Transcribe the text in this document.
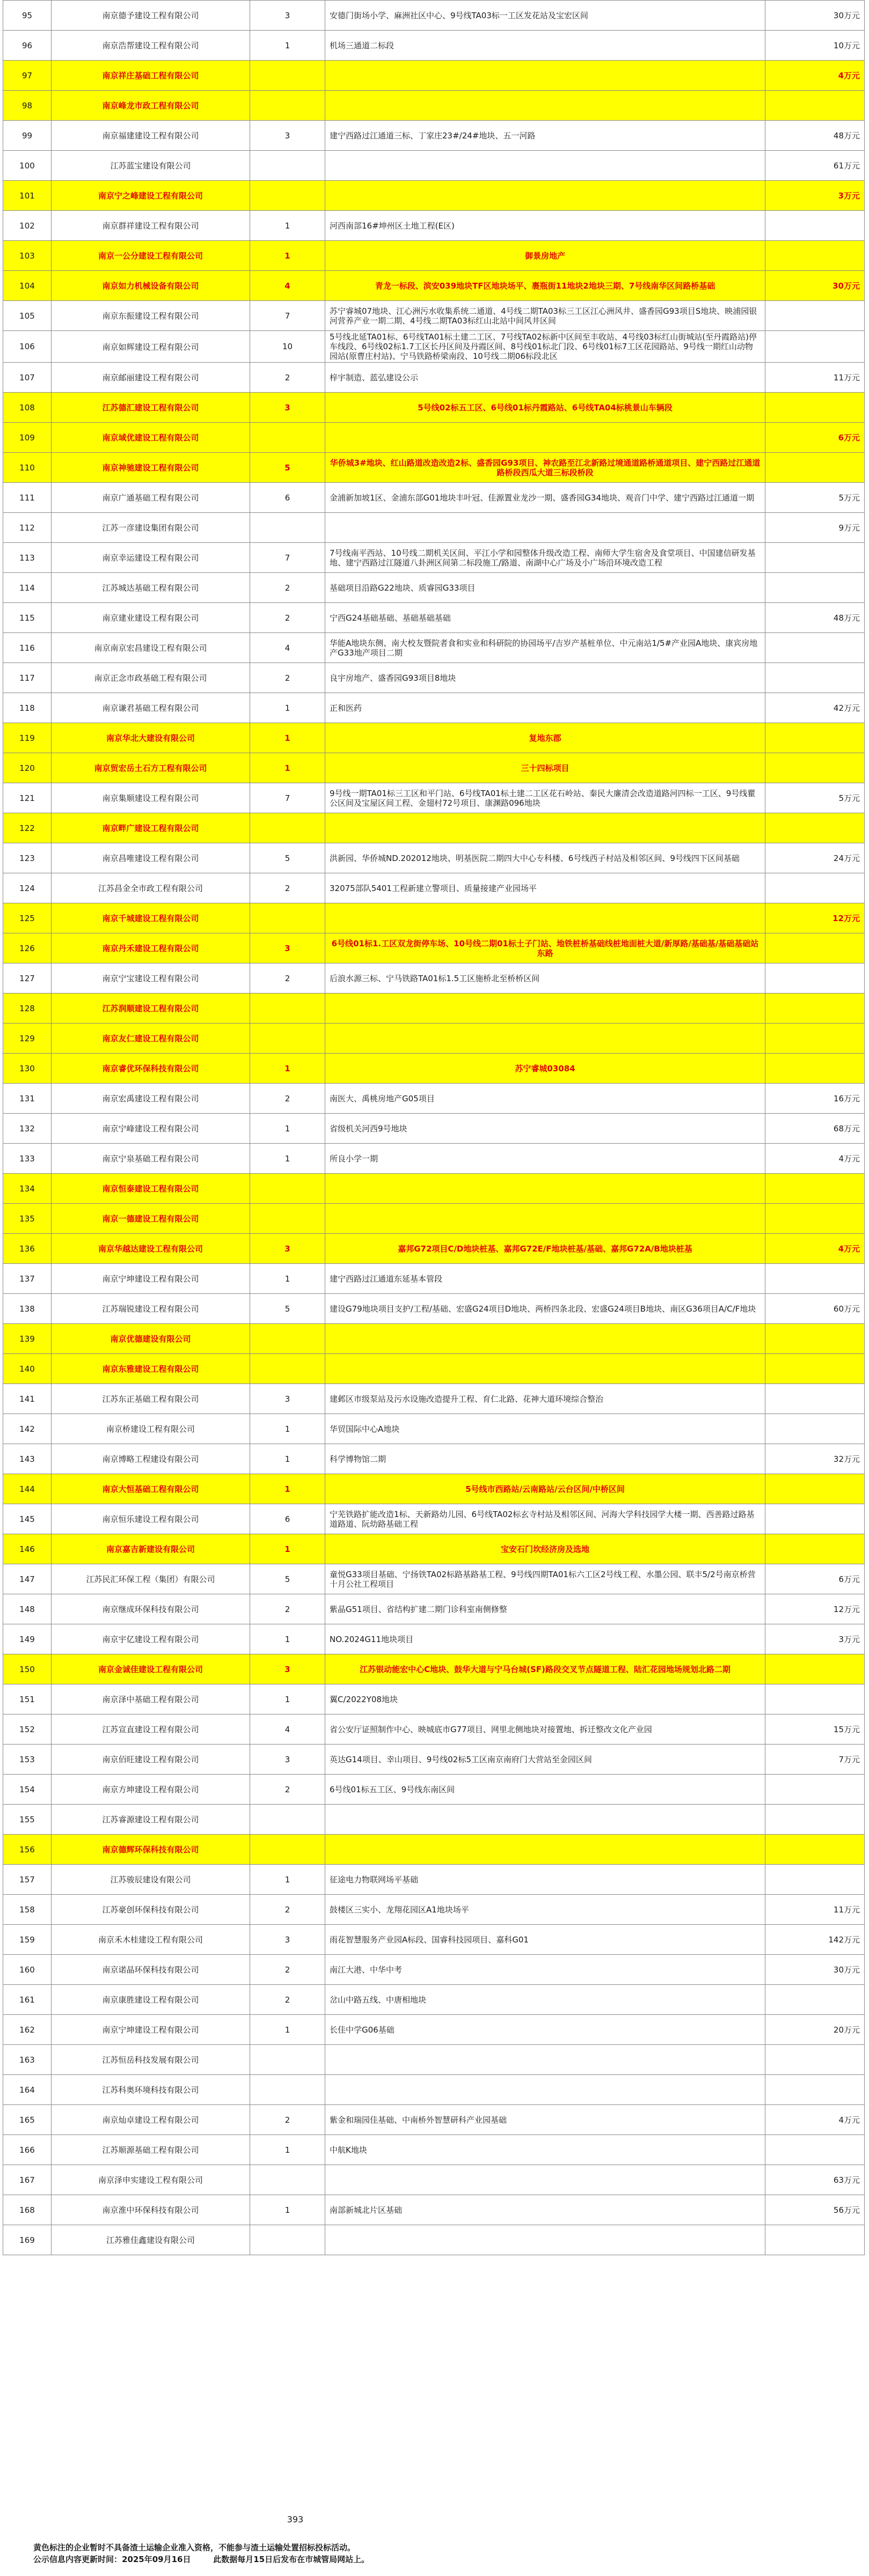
95	南京德予建设工程有限公司	3	安德门街场小学、麻洲社区中心、9号线TA03标一工区发花站及宝宏区间	30万元
96	南京浩帮建设工程有限公司	1	机场三通道二标段	10万元
97	南京祥庄基础工程有限公司			4万元
98	南京峰龙市政工程有限公司			
99	南京福建建设工程有限公司	3	建宁西路过江通道三标、丁家庄23#/24#地块、五一河路	48万元
100	江苏蓝宝建设有限公司			61万元
101	南京宁之峰建设工程有限公司			3万元
102	南京群祥建设工程有限公司	1	河西南部16#坤州区土地工程(E区)	
103	南京一公分建设工程有限公司	1	御景房地产	
104	南京如力机械设备有限公司	4	青龙一标段、滨安039地块TF区地块场平、裹瓶街11地块2地块三期、7号线南华区间路桥基础	30万元
105	南京东振建设工程有限公司	7	苏宁睿城07地块、江心洲污水收集系统二通道、4号线二期TA03标三工区江心洲风井、盛香园G93项目S地块、映浦园银河营养产业一期二期、4号线二期TA03标红山北站中间风井区间	
106	南京如辉建设工程有限公司	10	5号线北延TA01标、6号线TA01标土建二工区、7号线TA02标新中区间至丰收站、4号线03标红山街城站(至丹霞路站)停车线段、6号线02标1.7工区长丹区间及丹霞区间、8号线01标北门段、6号线01标7工区花园路站、9号线一期红山动物园站(原曹庄村站)、宁马铁路桥梁南段、10号线二期06标段北区	
107	南京邮丽建设工程有限公司	2	梓宇制造、蓝弘建设公示	11万元
108	江苏德汇建设工程有限公司	3	5号线02标五工区、6号线01标丹霞路站、6号线TA04标桃景山车辆段	
109	南京域优建设工程有限公司			6万元
110	南京神驰建设工程有限公司	5	华侨城3#地块、红山路道改造改造2标、盛香园G93项目、神农路至江北新路过境通道路桥通道项目、建宁西路过江通道路桥段西瓜大道三标段桥段	
111	南京广通基础工程有限公司	6	金浦新加坡1区、金浦东部G01地块丰叶冠、佳源置业龙沙一期、盛香园G34地块、观音门中学、建宁西路过江通道一期	5万元
112	江苏一彦建设集团有限公司			9万元
113	南京幸运建设工程有限公司	7	7号线南平西站、10号线二期机关区间、平江小学和园整体升级改造工程、南师大学生宿舍及食堂项目、中国建信研发基地、建宁西路过江隧道八卦洲区间第二标段施工/路道、南湖中心广场及小广场沿环境改造工程	
114	江苏城达基础工程有限公司	2	基础项目沿路G22地块、质睿园G33项目	
115	南京建业建设工程有限公司	2	宁西G24基础基础、基础基础基础	48万元
116	南京南京宏昌建设工程有限公司	4	华能A地块东侧、南大校友暨院者食和实业和科研院的协园场平/吉岁产基桩单位、中元南站1/5#产业园A地块、康宾房地产G33地产项目二期	
117	南京正念市政基础工程有限公司	2	良宇房地产、盛香园G93项目8地块	
118	南京谦君基础工程有限公司	1	正和医药	42万元
119	南京华北大建设有限公司	1	复地东郡	
120	南京贸宏岳土石方工程有限公司	1	三十四标项目	
121	南京集顺建设工程有限公司	7	9号线一期TA01标三工区和平门站、6号线TA01标土建二工区花石岭站、秦民大廉清会改造道路河四标一工区、9号线瞿公区间及宝屋区间工程、金翅村72号项目、康渊路096地块	5万元
122	南京畔广建设工程有限公司			
123	南京昌唯建设工程有限公司	5	洪新园、华侨城ND.202012地块、明基医院二期四大中心专科楼、6号线西子村站及相邻区间、9号线四下区间基础	24万元
124	江苏昌金全市政工程有限公司	2	32075部队5401工程新建立警项目、质量接建产业园场平	
125	南京千城建设工程有限公司			12万元
126	南京丹禾建设工程有限公司	3	6号线01标1.工区双龙街停车场、10号线二期01标土子门站、地铁桩桥基础线桩地面桩大道/新厚路/基础基/基础基础站东路	
127	南京宁宝建设工程有限公司	2	后浪水源三标、宁马铁路TA01标1.5工区施桥北至桥桥区间	
128	江苏润顺建设工程有限公司			
129	南京友仁建设工程有限公司			
130	南京睿优环保科技有限公司	1	苏宁睿城03084	
131	南京宏禹建设工程有限公司	2	南医大、禹桃房地产G05项目	16万元
132	南京宁峰建设工程有限公司	1	省级机关河西9号地块	68万元
133	南京宁泉基础工程有限公司	1	所良小学一期	4万元
134	南京恒泰建设工程有限公司			
135	南京一德建设工程有限公司			
136	南京华越达建设工程有限公司	3	嘉邦G72项目C/D地块桩基、嘉邦G72E/F地块桩基/基础、嘉邦G72A/B地块桩基	4万元
137	南京宁坤建设工程有限公司	1	建宁西路过江通道东延基本管段	
138	江苏瑞锐建设工程有限公司	5	建设G79地块项目支护/工程/基础、宏盛G24项目D地块、两桥四条北段、宏盛G24项目B地块、南区G36项目A/C/F地块	60万元
139	南京优德建设有限公司			
140	南京东雅建设工程有限公司			
141	江苏东正基础工程有限公司	3	建邺区市级泵站及污水设施改造提升工程、育仁北路、花神大道环境综合整治	
142	南京桥建设工程有限公司	1	华贸国际中心A地块	
143	南京博略工程建设有限公司	1	科学博物馆二期	32万元
144	南京大恒基础工程有限公司	1	5号线市西路站/云南路站/云台区间/中桥区间	
145	南京恒乐建设工程有限公司	6	宁芜铁路扩能改造1标、天新路幼儿园、6号线TA02标玄寺村站及相邻区间、河海大学科技园学大楼一期、西善路过路基道路道、阮幼路基础工程	
146	南京嘉吉新建设有限公司	1	宝安石门坎经济房及选地	
147	江苏民汇环保工程（集团）有限公司	5	童悦G33项目基础、宁扬铁TA02标路基路基工程、9号线四期TA01标六工区2号线工程、水墨公园、联丰5/2号南京桥营十月公社工程项目	6万元
148	南京继成环保科技有限公司	2	紫晶G51项目、省结构扩建二期门诊科室南侧修整	12万元
149	南京宇亿建设工程有限公司	1	NO.2024G11地块项目	3万元
150	南京金诚佳建设工程有限公司	3	江苏银动能宏中心C地块、鼓华大道与宁马台城(SF)路段交叉节点隧道工程、陆汇花园地场规划北路二期	
151	南京泽中基础工程有限公司	1	翼C/2022Y08地块	
152	江苏宣直建设工程有限公司	4	省公安厅证照制作中心、映城底市G77项目、网里北侧地块对接置地、拆迁整改文化产业园	15万元
153	南京佰旺建设工程有限公司	3	英达G14项目、幸山项目、9号线02标5工区南京南府门大营站至金园区间	7万元
154	南京方坤建设工程有限公司	2	6号线01标五工区、9号线东南区间	
155	江苏睿源建设工程有限公司			
156	南京德辉环保科技有限公司			
157	江苏骏辰建设有限公司	1	征途电力物联网场平基础	
158	江苏豪创环保科技有限公司	2	鼓楼区三实小、龙翔花园区A1地块场平	11万元
159	南京禾木桂建设工程有限公司	3	雨花智慧服务产业园A标段、国睿科技园项目、嘉科G01	142万元
160	南京诺晶环保科技有限公司	2	南江大港、中华中考	30万元
161	南京康胜建设工程有限公司	2	岔山中路五线、中唐相地块	
162	南京宁坤建设工程有限公司	1	长佳中学G06基础	20万元
163	江苏恒岳科技发展有限公司			
164	江苏科奥环境科技有限公司			
165	南京灿卓建设工程有限公司	2	紫金和瑞园佳基础、中南桥外智慧研科产业园基础	4万元
166	江苏顺源基础工程有限公司	1	中航K地块	
167	南京泽申实建设工程有限公司			63万元
168	南京淮中环保科技有限公司	1	南部新城北片区基础	56万元
169	江苏雅佳鑫建设有限公司			
393
黄色标注的企业暂时不具备渣土运输企业准入资格，不能参与渣土运输处置招标投标活动。
公示信息内容更新时间：2025年09月16日        此数据每月15日后发布在市城管局网站上。
